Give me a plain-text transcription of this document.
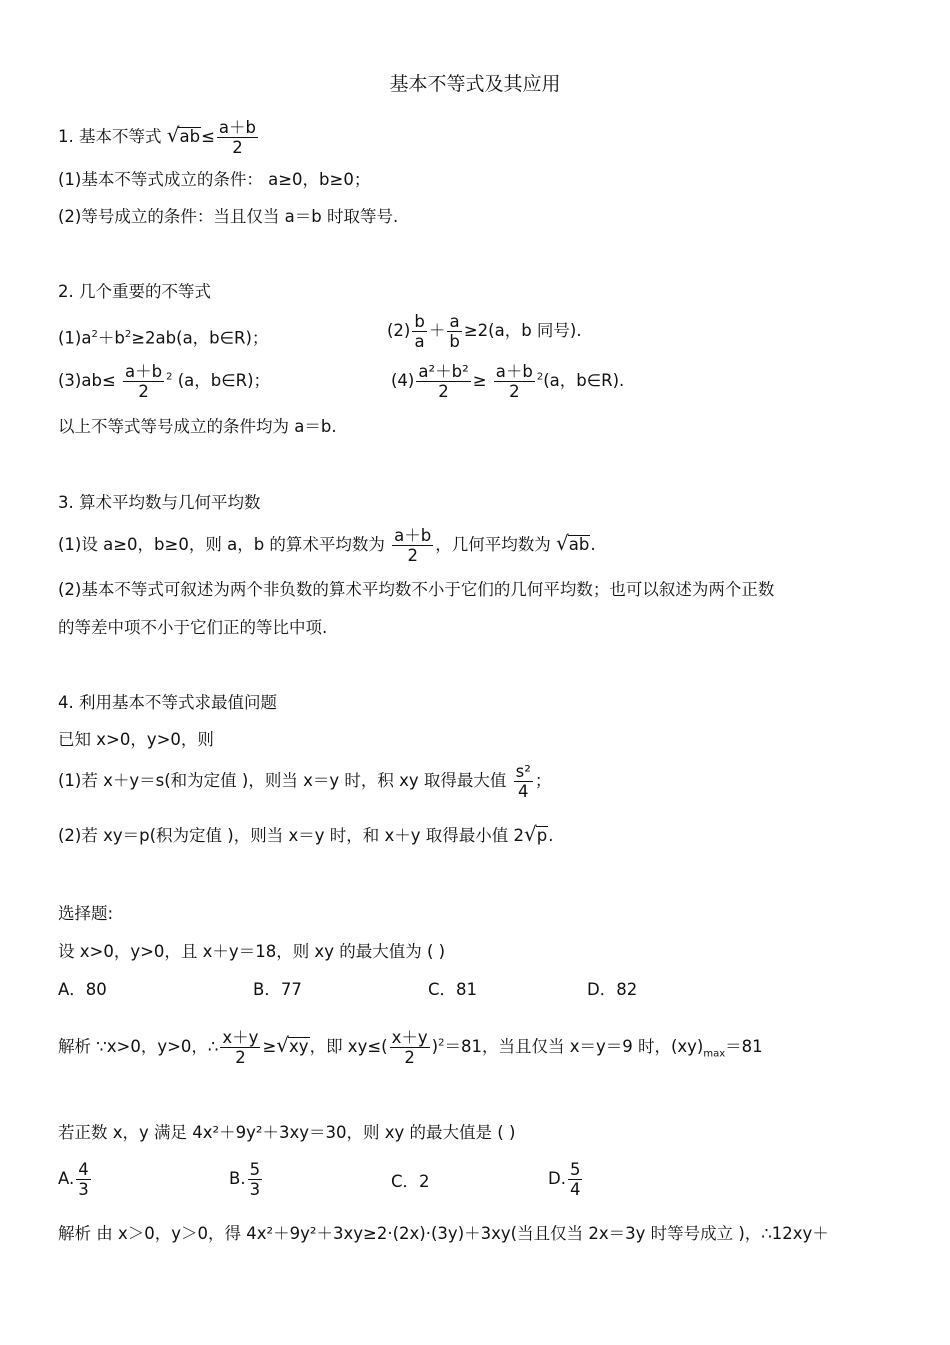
基本不等式及其应用
1. 基本不等式 $√ab\le \frac{a+b}{2}$
(1)基本不等式成立的条件： a≥0，b≥0；
(2)等号成立的条件：当且仅当 a＝b 时取等号.
2. 几个重要的不等式
$(1)a^2+b^2\ge 2ab(a$，b∈R)；	$(2) \frac{b}{a} + \frac{a}{b} \ge 2(a$，b 同号).
$(3)ab\le \frac{a+b}{2} ^2$ (a，b∈R)；	$(4) \frac{\text{a²＋b²}}{2} \ge \frac{a+b}{2} ^2(a$，b∈R).
以上不等式等号成立的条件均为 a＝b.
3. 算术平均数与几何平均数
(1)设 a≥0，b≥0，则 a，b 的算术平均数为 $\frac{a+b}{2}$ ，几何平均数为 √ab.
(2)基本不等式可叙述为两个非负数的算术平均数不小于它们的几何平均数；也可以叙述为两个正数
的等差中项不小于它们正的等比中项.
4. 利用基本不等式求最值问题
已知 x>0，y>0，则
(1)若 x＋y＝s(和为定值 )，则当 x＝y 时，积 xy 取得最大值 $\frac{\text{s²}}{4}$ ；
(2)若 xy＝p(积为定值 )，则当 x＝y 时，和 x＋y 取得最小值 2√p.
选择题:
设 x>0，y>0，且 x＋y＝18，则 xy 的最大值为 ( )
A．80	B．77	C．81	D．82
解析 ∵x>0，y>0，∴ $\frac{x+y}{2} \ge√xy$，即 $xy\le( \frac{x+y}{2} )^2=81$，当且仅当 x＝y＝9 时，$(xy)_{max}=81$
若正数 x，y 满足 4x²＋9y²＋3xy＝30，则 xy 的最大值是 ( )
A. $\frac{4}{3}$	B. $\frac{5}{3}$	C．2	D. $\frac{5}{4}$
解析 由 x＞0，y＞0，得 4x²＋9y²＋3xy≥2·(2x)·(3y)＋3xy(当且仅当 2x＝3y 时等号成立 )，∴12xy＋
